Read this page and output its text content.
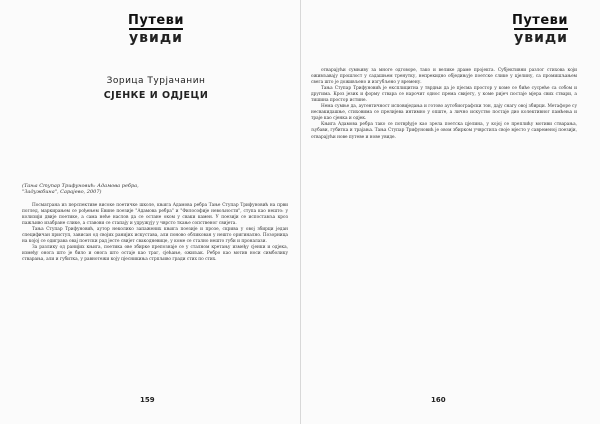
Путеви
увиди
Зорица Турјачанин
СЈЕНКЕ И ОДЈЕЦИ
(Тања Ступар Трифуновић: Адамова ребра, "Задужбина", Сарајево, 2007)

Посматрана из перспективе високе поетичке школе, књига Адамова ребра Тање Ступар Трифуновић на први поглед, маркирањем се рођењем Евине поезије "Адамова ребра" и "Философије невољности", ступа као нешто: у колизији двије поетике, а сама неће наслов да се остане оком у сваки камен. У поезији се испоставља кроз пажљиво изабране слике, а ставови се стапају и удружују у чврсто ткање сопственог свијета.

Тања Ступар Трифуновић, аутор неколико запажених књига поезије и прозе, скрива у овој збирци један специфичан приступ, зависан од својих ранијих искустава, али поново обликован у нешто оригинално. Позорница на којој се одиграва овај поетски рад јесте свијет свакодневице, у коме се стално нешто губи и проналази.

За разлику од ранијих књига, поетика ове збирке препознаје се у сталном кретању између сјенки и одјека, између онога што је било и онога што остаје као траг, сјећање, ожиљак. Ребро као мотив носи симболику стварања, али и губитка, у равнотежи коју пјесникиња стрпљиво гради стих по стих.

159
Путеви
увиди

отварајући сумњиву за многе одговоре, тако и велике драме пројекта. Субјективни разлог стихова који оживљавају прошлост у садашњем тренутку, непрекидно обједињује поетске слике у цјелину, са промишљањем свега што је доживљено и изгубљено у времену.

Тања Ступар Трифуновић је експлицитна у тврдњи да је пјесма простор у коме се биће сусреће са собом и другима. Кроз језик и форму ствара се нарочит однос према свијету, у коме ријеч постаје мјера свих ствари, а тишина простор истине.

Нема сумње да, аутентичност исповиједања и готово аутобиографски тон, дају снагу овој збирци. Метафоре су несвакидашње, стиховима се прелијева интимно у опште, а лично искуство постаје дио колективног памћења и траје као сјенка и одјек.

Књига Адамова ребра тако се потврђује као зрела поетска цјелина, у којој се преплићу мотиви стварања, љубави, губитка и трајања. Тања Ступар Трифуновић је овом збирком учврстила своје мјесто у савременој поезији, отварајући нове путеве и нове увиде.

160
